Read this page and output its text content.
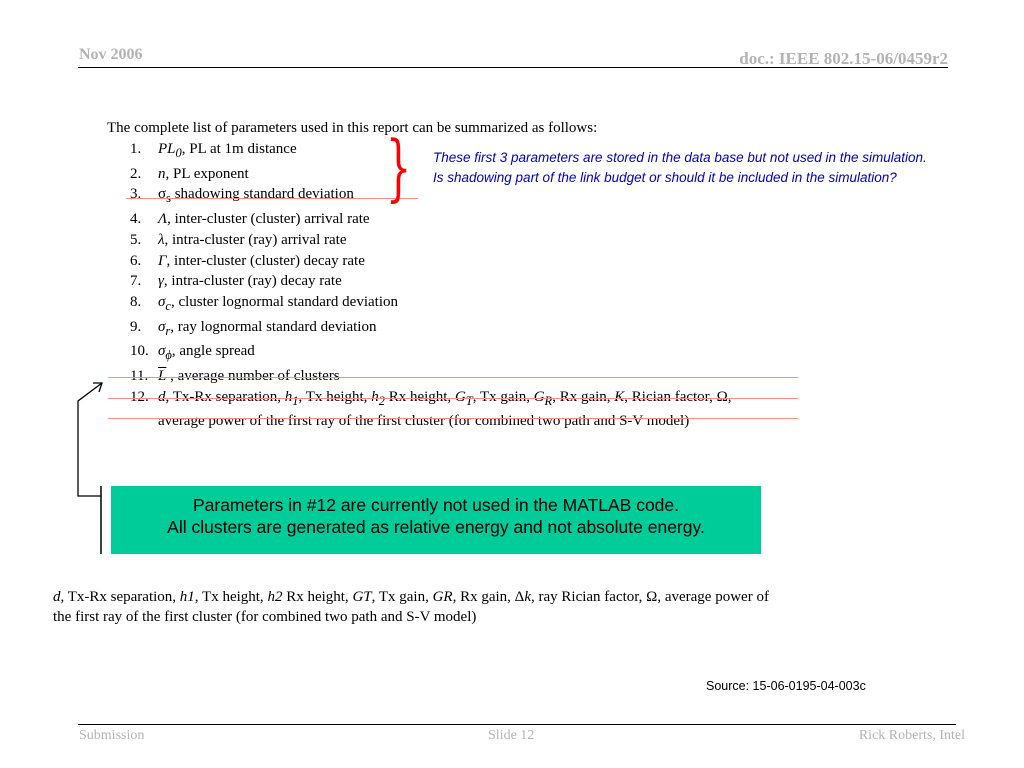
Nov 2006	doc.: IEEE 802.15-06/0459r2
The complete list of parameters used in this report can be summarized as follows:
1. $PL_0$, PL at 1m distance
2. n, PL exponent
3. $\sigma_s$ shadowing standard deviation
4. Λ, inter-cluster (cluster) arrival rate
5. λ, intra-cluster (ray) arrival rate
6. Γ, inter-cluster (cluster) decay rate
7. γ, intra-cluster (ray) decay rate
8. $\sigma_c$, cluster lognormal standard deviation
9. $\sigma_r$, ray lognormal standard deviation
10. $\sigma_\phi$, angle spread
11. $\overline{L}$ , average number of clusters
12. d, Tx-Rx separation, $h_1$, Tx height, $h_2$ Rx height, $G_T$, Tx gain, $G_R$, Rx gain, K, Rician factor, Ω, average power of the first ray of the first cluster (for combined two path and S-V model)
} These first 3 parameters are stored in the data base but not used in the simulation.
Is shadowing part of the link budget or should it be included in the simulation?
Parameters in #12 are currently not used in the MATLAB code.
All clusters are generated as relative energy and not absolute energy.
d, Tx-Rx separation, h1, Tx height, h2 Rx height, GT, Tx gain, GR, Rx gain, Δk, ray Rician factor, Ω, average power of the first ray of the first cluster (for combined two path and S-V model)
Source: 15-06-0195-04-003c
Submission	Slide 12	Rick Roberts, Intel
